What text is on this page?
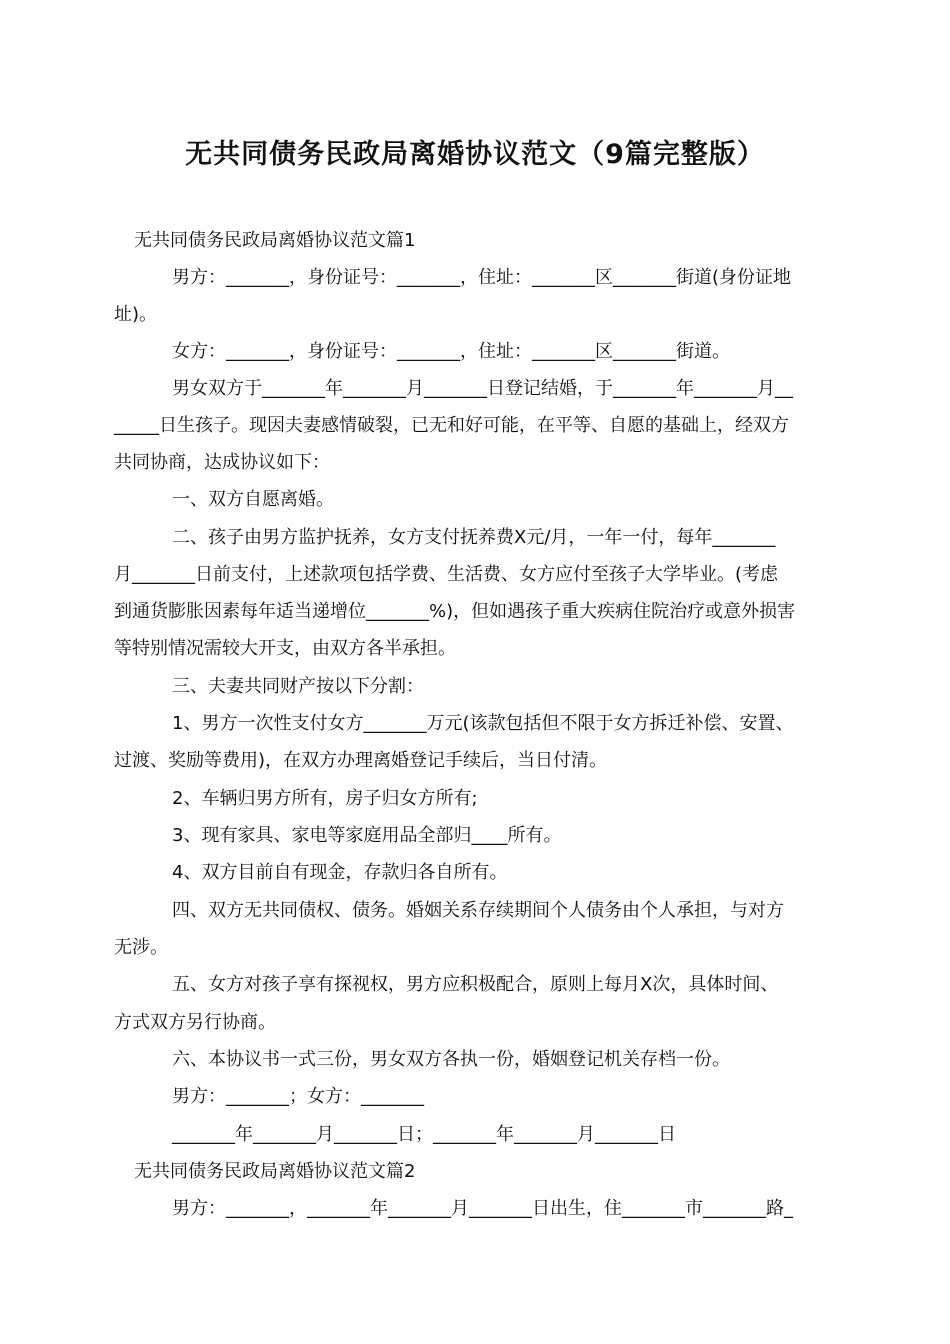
无共同债务民政局离婚协议范文（9篇完整版）
无共同债务民政局离婚协议范文篇1
男方：_______，身份证号：_______，住址：_______区_______街道(身份证地
址)。
女方：_______，身份证号：_______，住址：_______区_______街道。
男女双方于_______年_______月_______日登记结婚，于_______年_______月__
_____日生孩子。现因夫妻感情破裂，已无和好可能，在平等、自愿的基础上，经双方
共同协商，达成协议如下：
一、双方自愿离婚。
二、孩子由男方监护抚养，女方支付抚养费X元/月，一年一付，每年_______
月_______日前支付，上述款项包括学费、生活费、女方应付至孩子大学毕业。(考虑
到通货膨胀因素每年适当递增位_______%)，但如遇孩子重大疾病住院治疗或意外损害
等特别情况需较大开支，由双方各半承担。
三、夫妻共同财产按以下分割：
1、男方一次性支付女方_______万元(该款包括但不限于女方拆迁补偿、安置、
过渡、奖励等费用)，在双方办理离婚登记手续后，当日付清。
2、车辆归男方所有，房子归女方所有;
3、现有家具、家电等家庭用品全部归____所有。
4、双方目前自有现金，存款归各自所有。
四、双方无共同债权、债务。婚姻关系存续期间个人债务由个人承担，与对方
无涉。
五、女方对孩子享有探视权，男方应积极配合，原则上每月X次，具体时间、
方式双方另行协商。
六、本协议书一式三份，男女双方各执一份，婚姻登记机关存档一份。
男方：_______；女方：_______
_______年_______月_______日；_______年_______月_______日
无共同债务民政局离婚协议范文篇2
男方：_______，_______年_______月_______日出生，住_______市_______路_
